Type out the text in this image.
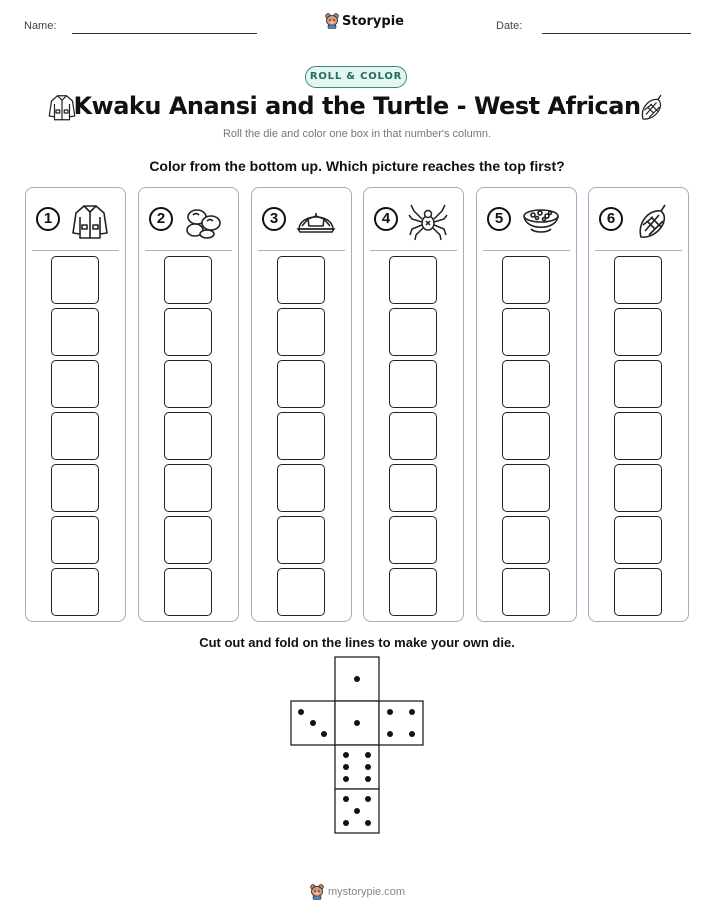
Name:	Storypie	Date:
ROLL & COLOR
Kwaku Anansi and the Turtle - West African
Roll the die and color one box in that number's column.
Color from the bottom up. Which picture reaches the top first?
1	2	3	4	5	6
Cut out and fold on the lines to make your own die.
mystorypie.com
